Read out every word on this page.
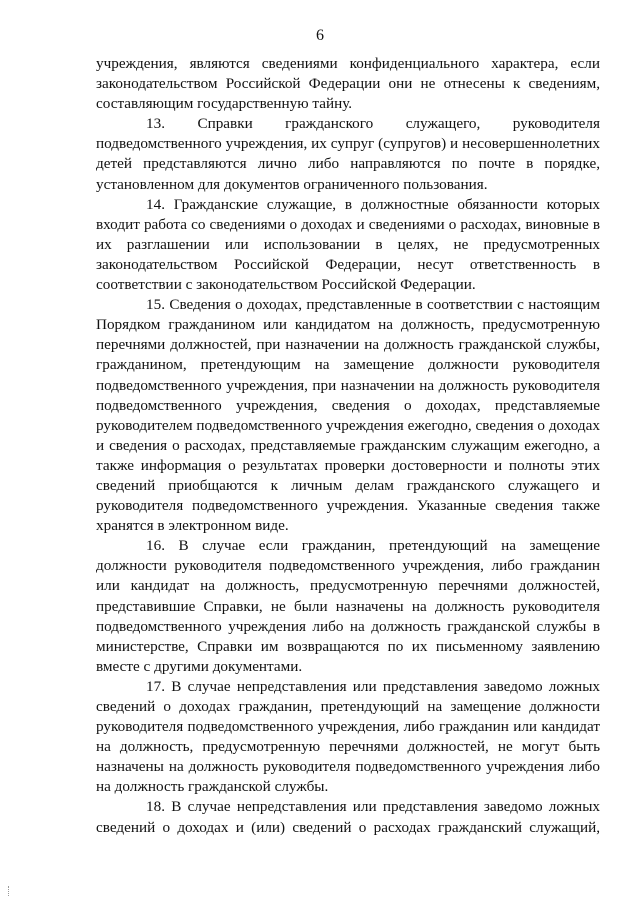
6

учреждения, являются сведениями конфиденциального характера, если законодательством Российской Федерации они не отнесены к сведениям, составляющим государственную тайну.

13. Справки гражданского служащего, руководителя подведомственного учреждения, их супруг (супругов) и несовершеннолетних детей представляются лично либо направляются по почте в порядке, установленном для документов ограниченного пользования.

14. Гражданские служащие, в должностные обязанности которых входит работа со сведениями о доходах и сведениями о расходах, виновные в их разглашении или использовании в целях, не предусмотренных законодательством Российской Федерации, несут ответственность в соответствии с законодательством Российской Федерации.

15. Сведения о доходах, представленные в соответствии с настоящим Порядком гражданином или кандидатом на должность, предусмотренную перечнями должностей, при назначении на должность гражданской службы, гражданином, претендующим на замещение должности руководителя подведомственного учреждения, при назначении на должность руководителя подведомственного учреждения, сведения о доходах, представляемые руководителем подведомственного учреждения ежегодно, сведения о доходах и сведения о расходах, представляемые гражданским служащим ежегодно, а также информация о результатах проверки достоверности и полноты этих сведений приобщаются к личным делам гражданского служащего и руководителя подведомственного учреждения. Указанные сведения также хранятся в электронном виде.

16. В случае если гражданин, претендующий на замещение должности руководителя подведомственного учреждения, либо гражданин или кандидат на должность, предусмотренную перечнями должностей, представившие Справки, не были назначены на должность руководителя подведомственного учреждения либо на должность гражданской службы в министерстве, Справки им возвращаются по их письменному заявлению вместе с другими документами.

17. В случае непредставления или представления заведомо ложных сведений о доходах гражданин, претендующий на замещение должности руководителя подведомственного учреждения, либо гражданин или кандидат на должность, предусмотренную перечнями должностей, не могут быть назначены на должность руководителя подведомственного учреждения либо на должность гражданской службы.

18. В случае непредставления или представления заведомо ложных сведений о доходах и (или) сведений о расходах гражданский служащий,
